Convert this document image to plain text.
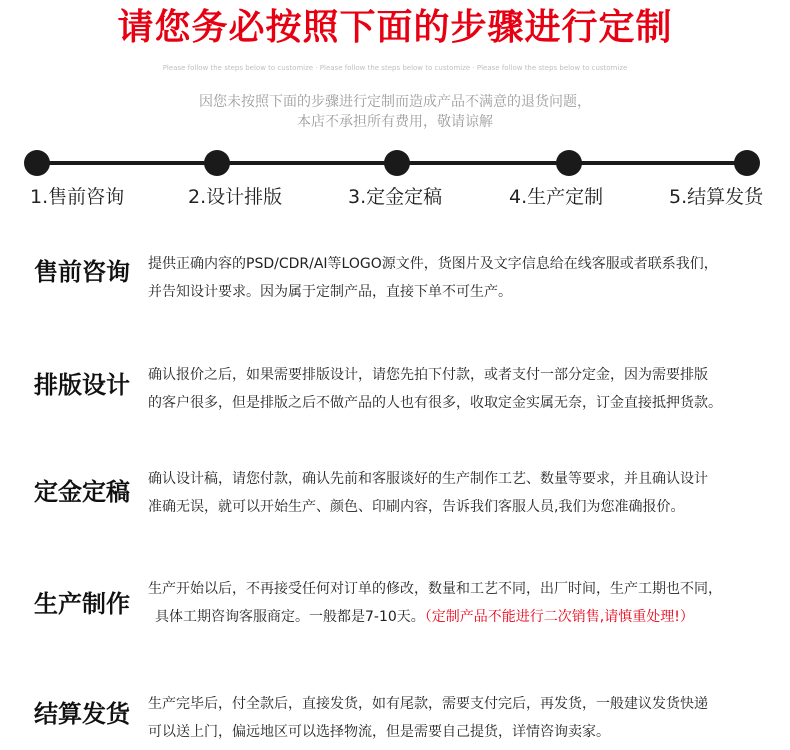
请您务必按照下面的步骤进行定制
Please follow the steps below to customize · Please follow the steps below to customize · Please follow the steps below to customize
因您未按照下面的步骤进行定制而造成产品不满意的退货问题，
本店不承担所有费用，敬请谅解
1.售前咨询	2.设计排版	3.定金定稿	4.生产定制	5.结算发货
售前咨询 提供正确内容的PSD/CDR/AI等LOGO源文件，货图片及文字信息给在线客服或者联系我们，

并告知设计要求。因为属于定制产品，直接下单不可生产。

排版设计 确认报价之后，如果需要排版设计，请您先拍下付款，或者支付一部分定金，因为需要排版

的客户很多，但是排版之后不做产品的人也有很多，收取定金实属无奈，订金直接抵押货款。

定金定稿 确认设计稿，请您付款，确认先前和客服谈好的生产制作工艺、数量等要求，并且确认设计

准确无误，就可以开始生产、颜色、印刷内容，告诉我们客服人员,我们为您准确报价。

生产制作

生产开始以后，不再接受任何对订单的修改，数量和工艺不同，出厂时间，生产工期也不同，

 具体工期咨询客服商定。一般都是7-10天。（定制产品不能进行二次销售,请慎重处理!）

结算发货 生产完毕后，付全款后，直接发货，如有尾款，需要支付完后，再发货，一般建议发货快递

可以送上门，偏远地区可以选择物流，但是需要自己提货，详情咨询卖家。
